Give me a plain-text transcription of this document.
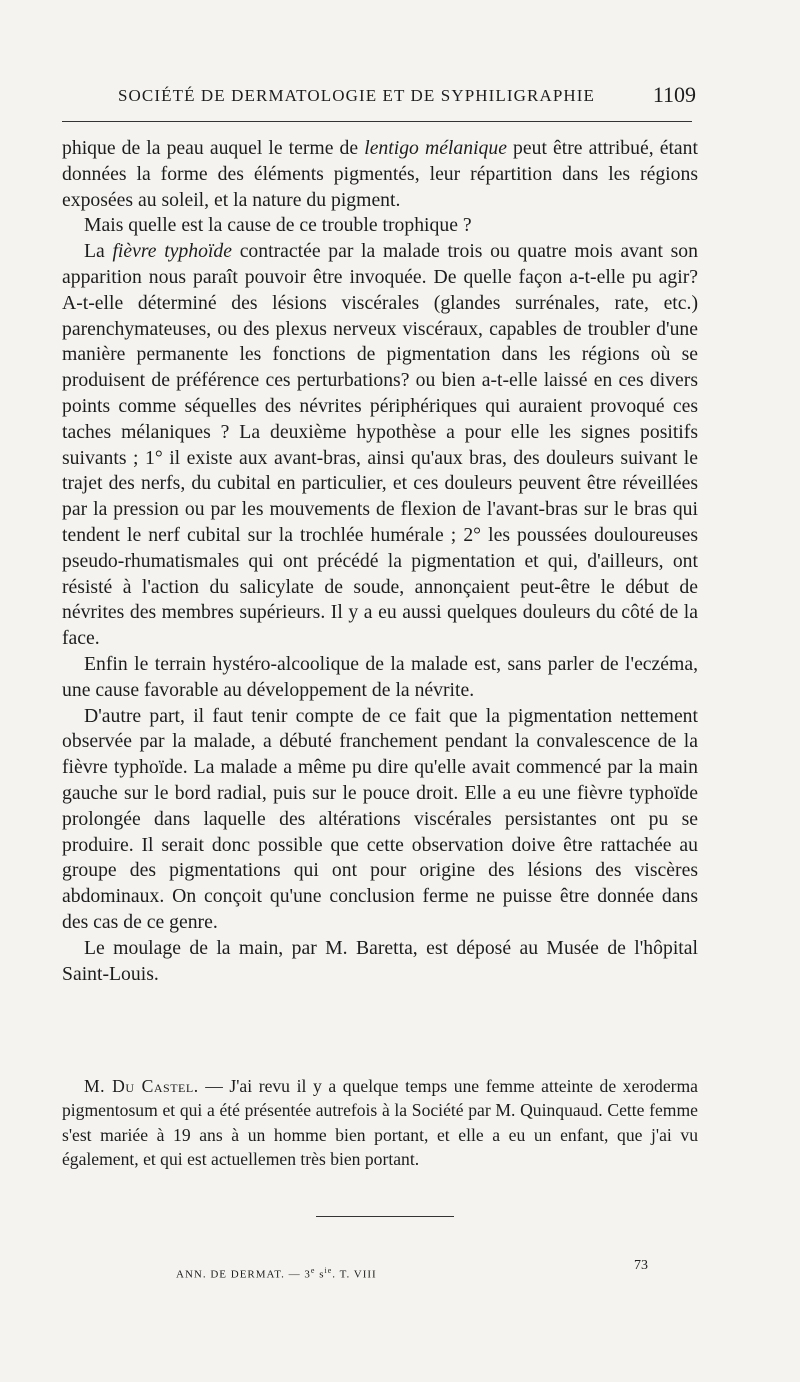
SOCIÉTÉ DE DERMATOLOGIE ET DE SYPHILIGRAPHIE	1109

phique de la peau auquel le terme de lentigo mélanique peut être attribué, étant données la forme des éléments pigmentés, leur répartition dans les régions exposées au soleil, et la nature du pigment.

Mais quelle est la cause de ce trouble trophique ?

La fièvre typhoïde contractée par la malade trois ou quatre mois avant son apparition nous paraît pouvoir être invoquée. De quelle façon a-t-elle pu agir? A-t-elle déterminé des lésions viscérales (glandes surrénales, rate, etc.) parenchymateuses, ou des plexus nerveux viscéraux, capables de troubler d'une manière permanente les fonctions de pigmentation dans les régions où se produisent de préférence ces perturbations? ou bien a-t-elle laissé en ces divers points comme séquelles des névrites périphériques qui auraient provoqué ces taches mélaniques ? La deuxième hypothèse a pour elle les signes positifs suivants ; 1° il existe aux avant-bras, ainsi qu'aux bras, des douleurs suivant le trajet des nerfs, du cubital en particulier, et ces douleurs peuvent être réveillées par la pression ou par les mouvements de flexion de l'avant-bras sur le bras qui tendent le nerf cubital sur la trochlée humérale ; 2° les poussées douloureuses pseudo-rhumatismales qui ont précédé la pigmentation et qui, d'ailleurs, ont résisté à l'action du salicylate de soude, annonçaient peut-être le début de névrites des membres supérieurs. Il y a eu aussi quelques douleurs du côté de la face.

Enfin le terrain hystéro-alcoolique de la malade est, sans parler de l'eczéma, une cause favorable au développement de la névrite.

D'autre part, il faut tenir compte de ce fait que la pigmentation nettement observée par la malade, a débuté franchement pendant la convalescence de la fièvre typhoïde. La malade a même pu dire qu'elle avait commencé par la main gauche sur le bord radial, puis sur le pouce droit. Elle a eu une fièvre typhoïde prolongée dans laquelle des altérations viscérales persistantes ont pu se produire. Il serait donc possible que cette observation doive être rattachée au groupe des pigmentations qui ont pour origine des lésions des viscères abdominaux. On conçoit qu'une conclusion ferme ne puisse être donnée dans des cas de ce genre.

Le moulage de la main, par M. Baretta, est déposé au Musée de l'hôpital Saint-Louis.

M. Du Castel. — J'ai revu il y a quelque temps une femme atteinte de xeroderma pigmentosum et qui a été présentée autrefois à la Société par M. Quinquaud. Cette femme s'est mariée à 19 ans à un homme bien portant, et elle a eu un enfant, que j'ai vu également, et qui est actuellemen très bien portant.

ANN. DE DERMAT. — 3e $s^{ie}$. T. VIII
73
